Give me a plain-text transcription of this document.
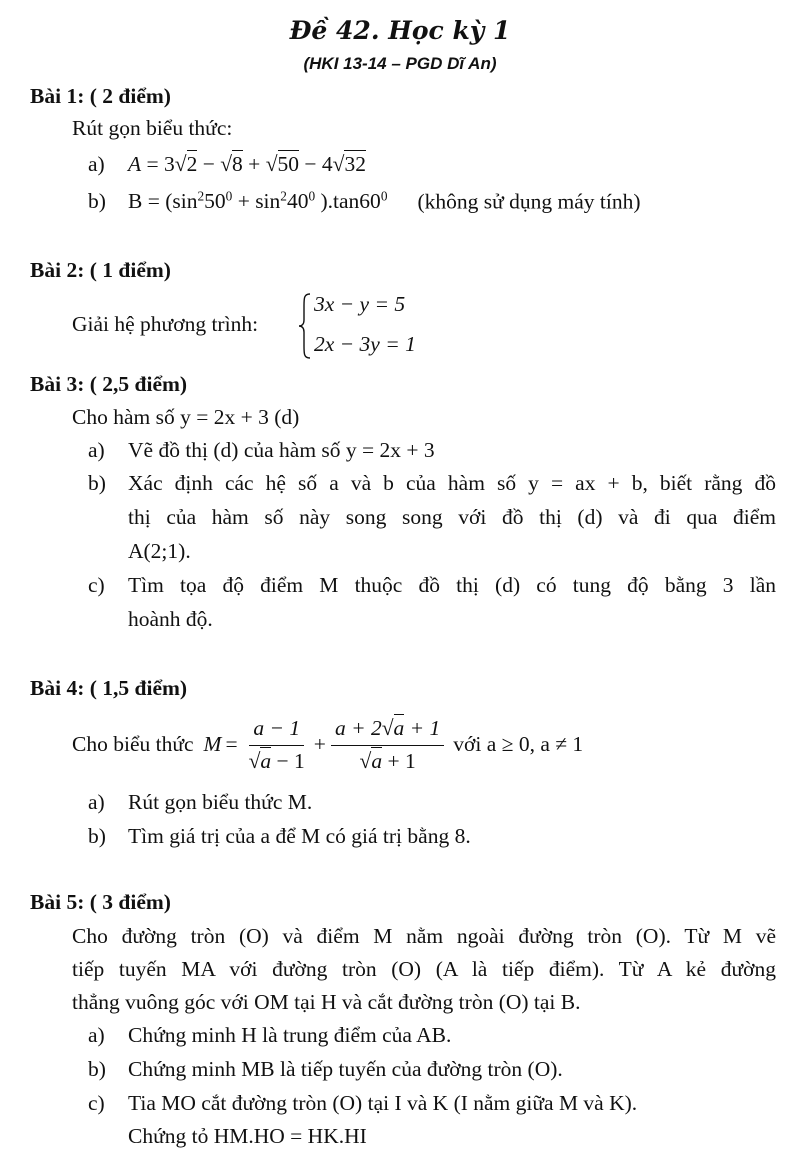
Đề 42. Học kỳ 1
(HKI 13-14 – PGD Dĩ An)
Bài 1: ( 2 điểm)
Rút gọn biểu thức:
a) A = 3√2 − √8 + √50 − 4√32
b) $B = (\sin^250^0 + \sin^240^0$ )$.\tan 60^0$ (không sử dụng máy tính)
Bài 2: ( 1 điểm)
Giải hệ phương trình:
3x − y = 5
2x − 3y = 1
Bài 3: ( 2,5 điểm)
Cho hàm số y = 2x + 3 (d)
a) Vẽ đồ thị (d) của hàm số y = 2x + 3
b) Xác định các hệ số a và b của hàm số y = ax + b, biết rằng đồ
thị của hàm số này song song với đồ thị (d) và đi qua điểm
A(2;1).
c) Tìm tọa độ điểm M thuộc đồ thị (d) có tung độ bằng 3 lần
hoành độ.
Bài 4: ( 1,5 điểm)
Cho biểu thức $M = \frac{a - 1}{√a - 1} + \frac{a + 2√a + 1}{√a + 1}$ với a ≥ 0, a ≠ 1
a) Rút gọn biểu thức M.
b) Tìm giá trị của a để M có giá trị bằng 8.
Bài 5: ( 3 điểm)
Cho đường tròn (O) và điểm M nằm ngoài đường tròn (O). Từ M vẽ
tiếp tuyến MA với đường tròn (O) (A là tiếp điểm). Từ A kẻ đường
thẳng vuông góc với OM tại H và cắt đường tròn (O) tại B.
a) Chứng minh H là trung điểm của AB.
b) Chứng minh MB là tiếp tuyến của đường tròn (O).
c) Tia MO cắt đường tròn (O) tại I và K (I nằm giữa M và K).
Chứng tỏ HM.HO = HK.HI
